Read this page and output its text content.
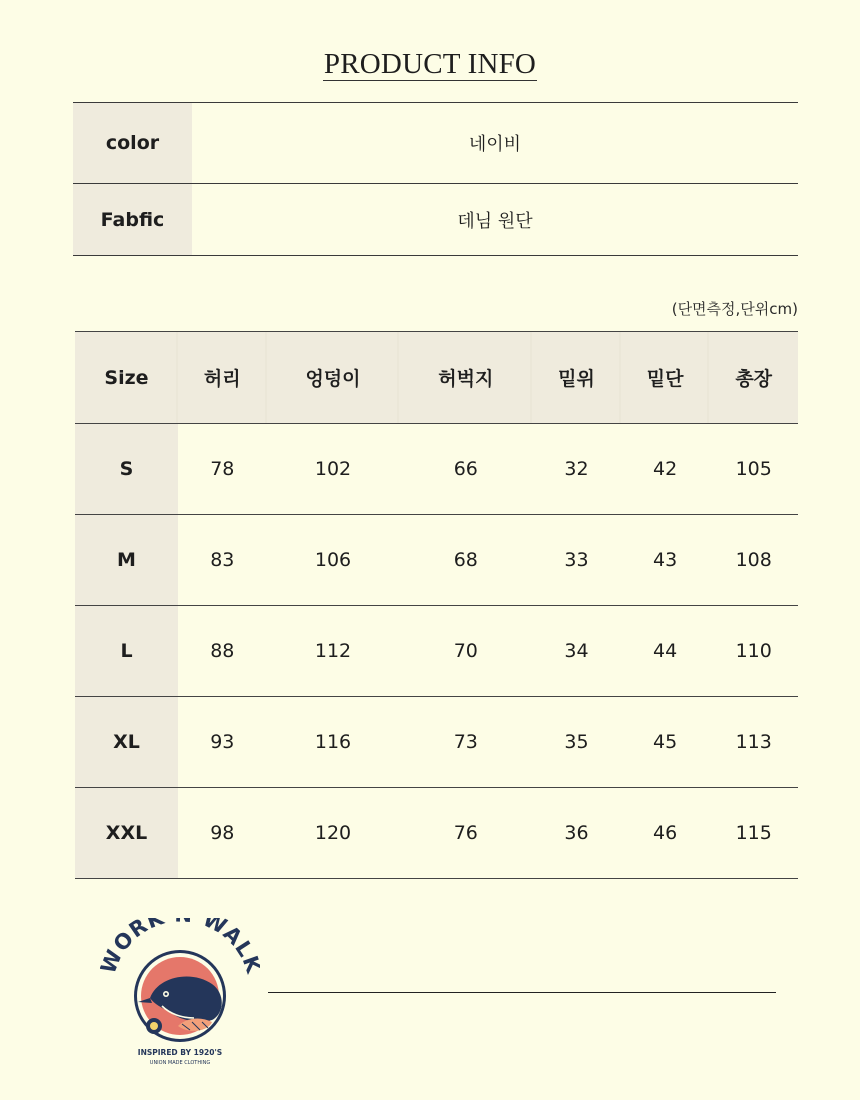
PRODUCT INFO
color	네이비
Fabfic	데님 원단
(단면측정,단위cm)
Size	허리	엉덩이	허벅지	밑위	밑단	총장
S	78	102	66	32	42	105
M	83	106	68	33	43	108
L	88	112	70	34	44	110
XL	93	116	73	35	45	113
XXL	98	120	76	36	46	115
ORK WAL
INSPIRED BY 1920'S
UNION MADE CLOTHING
